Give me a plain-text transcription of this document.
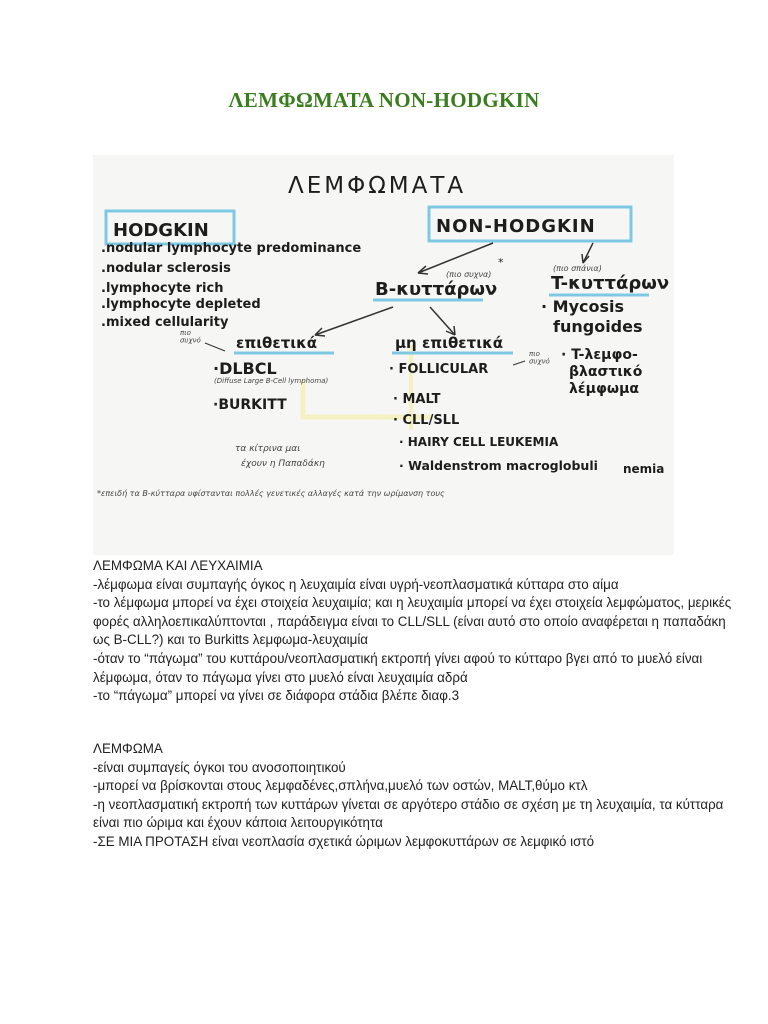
ΛΕΜΦΩΜΑΤΑ NON-HODGKIN
ΛΕΜΦΩΜΑΤΑ
HODGKIN
.nodular lymphocyte predominance
.nodular sclerosis
.lymphocyte rich
.lymphocyte depleted
.mixed cellularity
NON-HODGKIN
(πιο συχνα)
*
B-κυττάρων
(πιο σπάνια)
T-κυττάρων
· Mycosis
fungoides
· T-λεμφο-
βλαστικό
λέμφωμα
πιο συχνό επιθετικά
·DLBCL
(Diffuse Large B-Cell lymphoma)
·BURKITT
μη επιθετικά
πιο συχνό
· FOLLICULAR
· MALT
· CLL/SLL
· HAIRY CELL LEUKEMIA
· Waldenstrom macroglobuli nemia
τα κίτρινα μαι
έχουν η Παπαδάκη
*επειδή τα Β-κύτταρα υφίστανται πολλές γενετικές αλλαγές κατά την ωρίμανση τους

ΛΕΜΦΩΜΑ ΚΑΙ ΛΕΥΧΑΙΜΙΑ

-λέμφωμα είναι συμπαγής όγκος η λευχαιμία είναι υγρή-νεοπλασματικά κύτταρα στο αίμα

-το λέμφωμα μπορεί να έχει στοιχεία λευχαιμία; και η λευχαιμία μπορεί να έχει στοιχεία λεμφώματος, μερικές φορές αλληλοεπικαλύπτονται , παράδειγμα είναι το CLL/SLL (είναι αυτό στο οποίο αναφέρεται η παπαδάκη ως B-CLL?) και το Burkitts λεμφωμα-λευχαιμία

-όταν το “πάγωμα” του κυττάρου/νεοπλασματική εκτροπή γίνει αφού το κύτταρο βγει από το μυελό είναι λέμφωμα, όταν το πάγωμα γίνει στο μυελό είναι λευχαιμία αδρά

-το “πάγωμα” μπορεί να γίνει σε διάφορα στάδια βλέπε διαφ.3

ΛΕΜΦΩΜΑ

-είναι συμπαγείς όγκοι του ανοσοποιητικού

-μπορεί να βρίσκονται στους λεμφαδένες,σπλήνα,μυελό των οστών, MALT,θύμο κτλ

-η νεοπλασματική εκτροπή των κυττάρων γίνεται σε αργότερο στάδιο σε σχέση με τη λευχαιμία, τα κύτταρα είναι πιο ώριμα και έχουν κάποια λειτουργικότητα

-ΣΕ ΜΙΑ ΠΡΟΤΑΣΗ είναι νεοπλασία σχετικά ώριμων λεμφοκυττάρων σε λεμφικό ιστό
